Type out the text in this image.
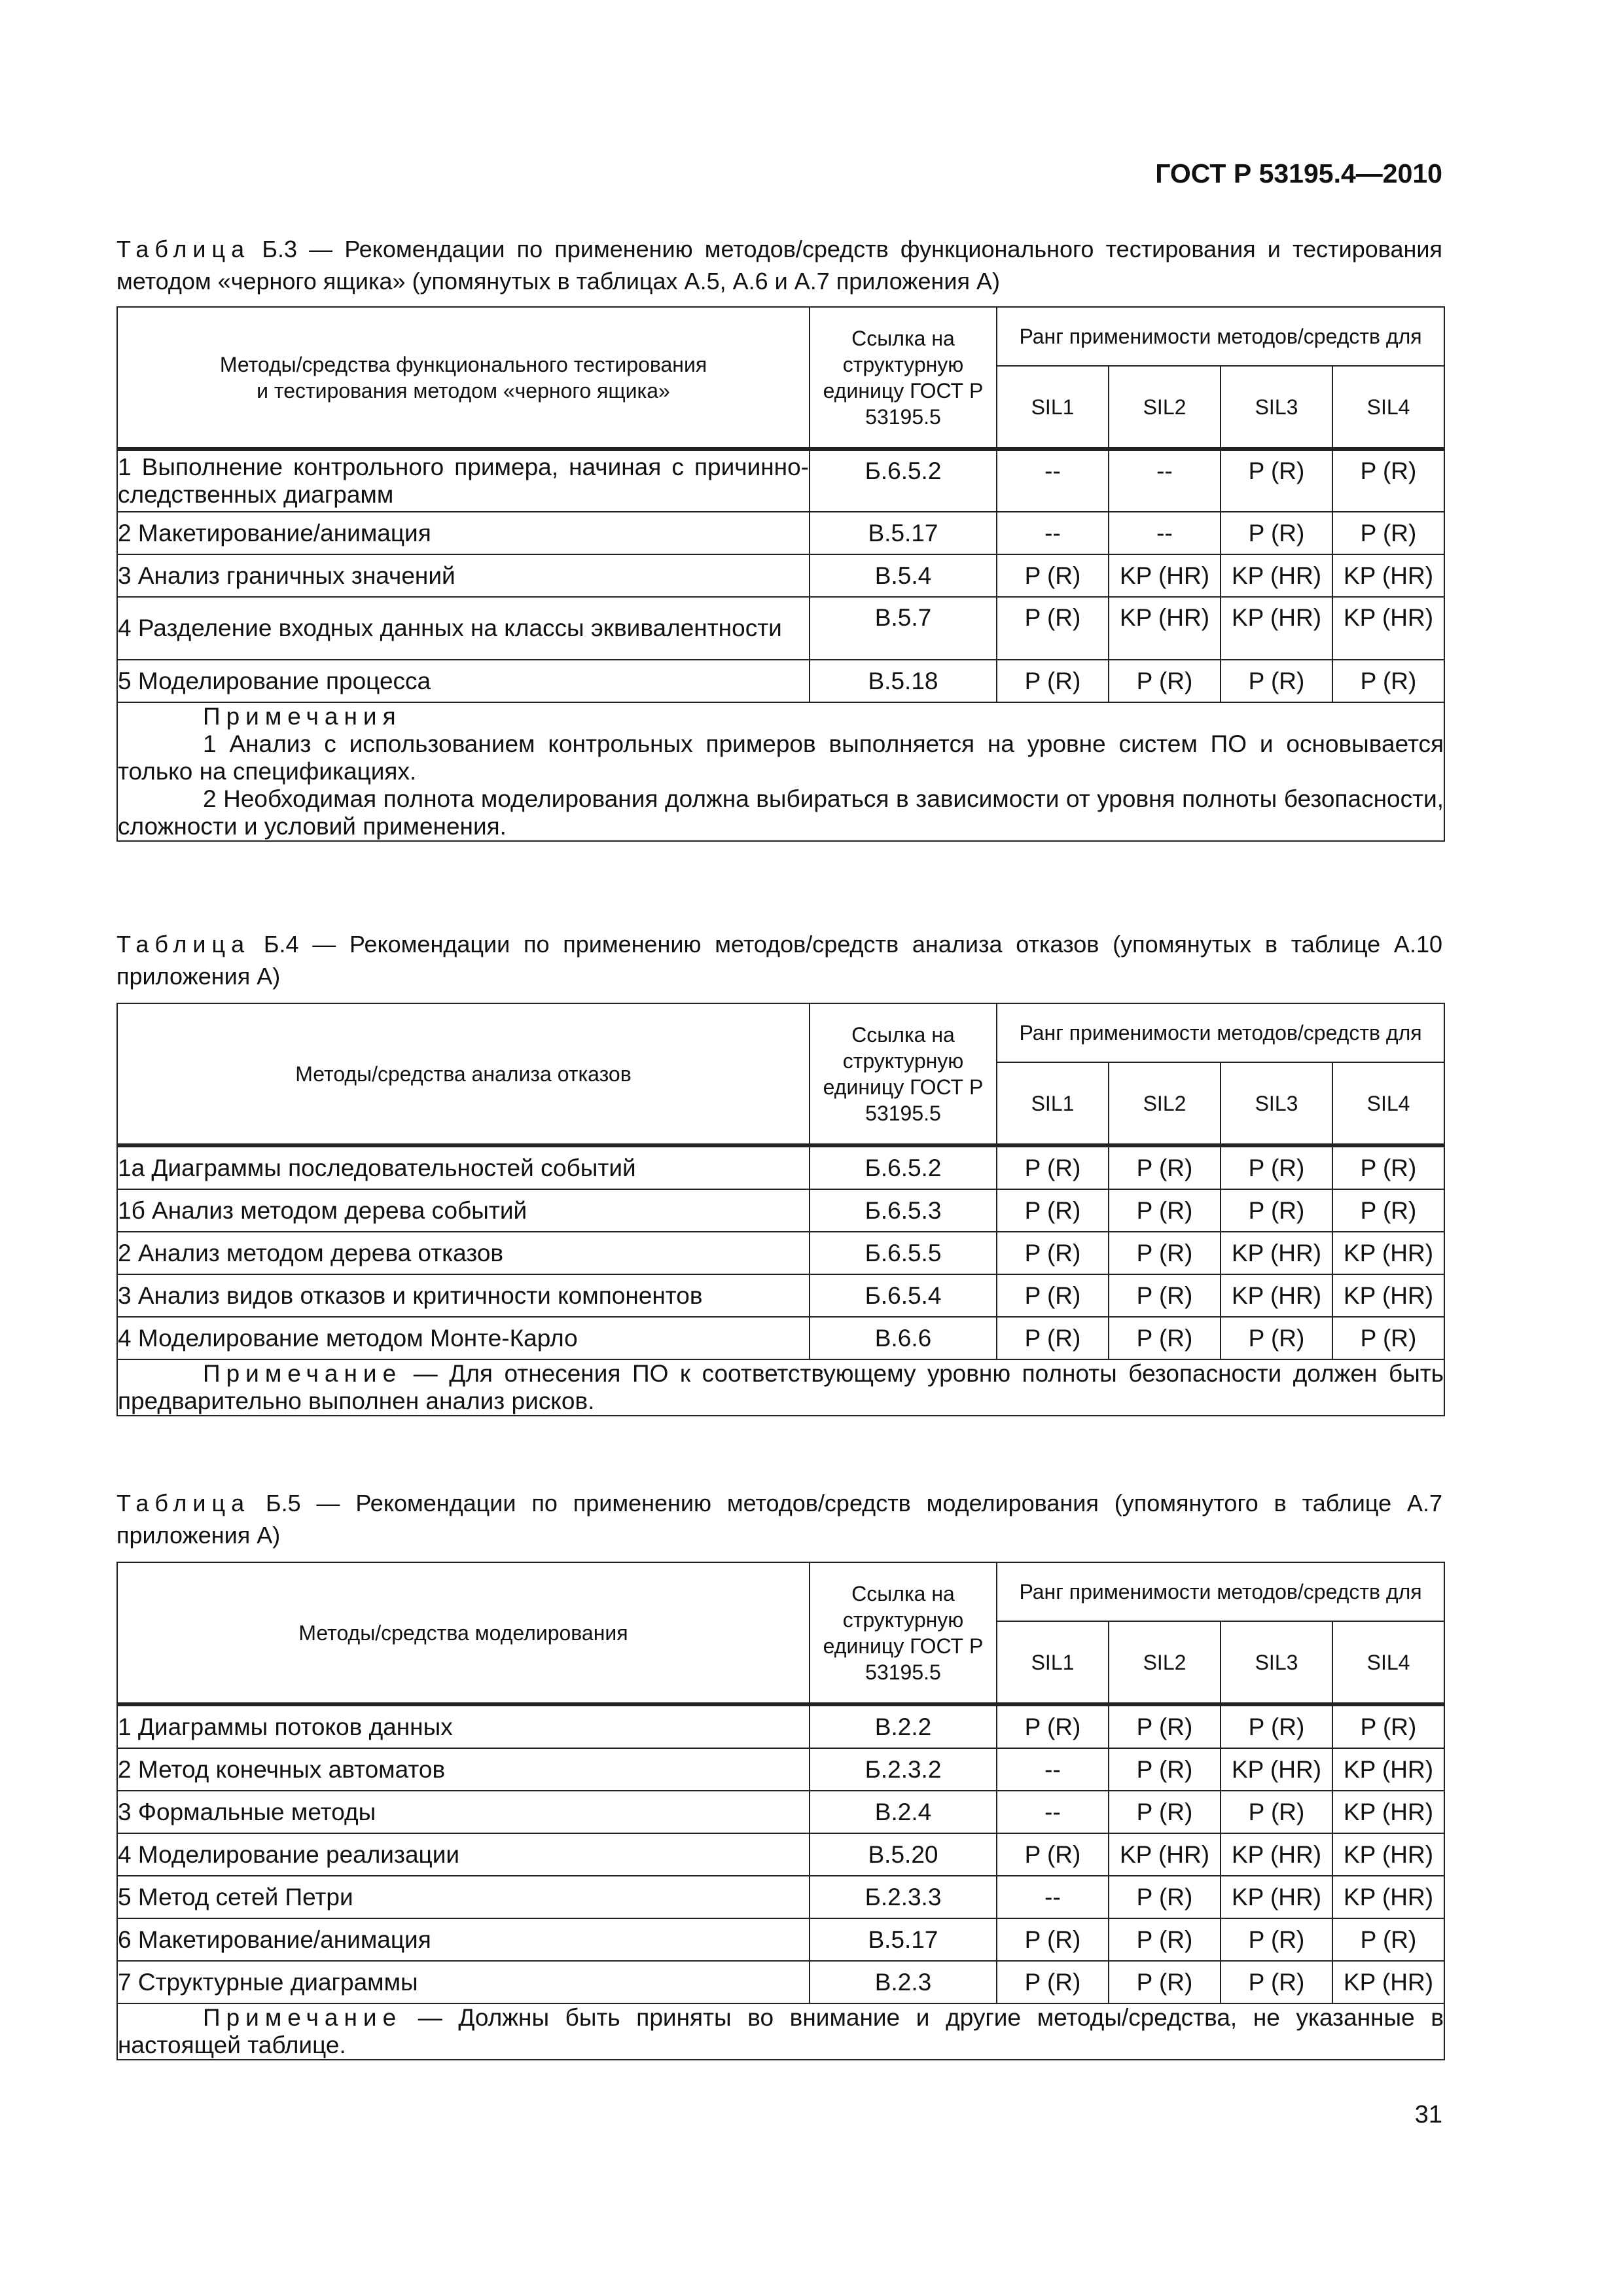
ГОСТ Р 53195.4—2010
Таблица Б.3 — Рекомендации по применению методов/средств функционального тестирования и тестирования методом «черного ящика» (упомянутых в таблицах А.5, А.6 и А.7 приложения А)
Методы/средства функционального тестирования и тестирования методом «черного ящика»	Ссылка на структурную единицу ГОСТ Р 53195.5	Ранг применимости методов/средств для			
		SIL1	SIL2	SIL3	SIL4
1 Выполнение контрольного примера, начиная с причинно-следственных диаграмм	Б.6.5.2	--	--	P (R)	P (R)
2 Макетирование/анимация	В.5.17	--	--	P (R)	P (R)
3 Анализ граничных значений	В.5.4	P (R)	KP (HR)	KP (HR)	KP (HR)
4 Разделение входных данных на классы эквивалентности	В.5.7	P (R)	KP (HR)	KP (HR)	KP (HR)
5 Моделирование процесса	В.5.18	P (R)	P (R)	P (R)	P (R)

Примечания
1 Анализ с использованием контрольных примеров выполняется на уровне систем ПО и основывается только на спецификациях.
2 Необходимая полнота моделирования должна выбираться в зависимости от уровня полноты безопасности, сложности и условий применения.					
Таблица Б.4 — Рекомендации по применению методов/средств анализа отказов (упомянутых в таблице А.10 приложения А)
Методы/средства анализа отказов	Ссылка на структурную единицу ГОСТ Р 53195.5	Ранг применимости методов/средств для			
		SIL1	SIL2	SIL3	SIL4
1а Диаграммы последовательностей событий	Б.6.5.2	P (R)	P (R)	P (R)	P (R)
1б Анализ методом дерева событий	Б.6.5.3	P (R)	P (R)	P (R)	P (R)
2 Анализ методом дерева отказов	Б.6.5.5	P (R)	P (R)	KP (HR)	KP (HR)
3 Анализ видов отказов и критичности компонентов	Б.6.5.4	P (R)	P (R)	KP (HR)	KP (HR)
4 Моделирование методом Монте-Карло	В.6.6	P (R)	P (R)	P (R)	P (R)

Примечание — Для отнесения ПО к соответствующему уровню полноты безопасности должен быть предварительно выполнен анализ рисков.					
Таблица Б.5 — Рекомендации по применению методов/средств моделирования (упомянутого в таблице А.7 приложения А)
Методы/средства моделирования	Ссылка на структурную единицу ГОСТ Р 53195.5	Ранг применимости методов/средств для			
		SIL1	SIL2	SIL3	SIL4
1 Диаграммы потоков данных	В.2.2	P (R)	P (R)	P (R)	P (R)
2 Метод конечных автоматов	Б.2.3.2	--	P (R)	KP (HR)	KP (HR)
3 Формальные методы	В.2.4	--	P (R)	P (R)	KP (HR)
4 Моделирование реализации	В.5.20	P (R)	KP (HR)	KP (HR)	KP (HR)
5 Метод сетей Петри	Б.2.3.3	--	P (R)	KP (HR)	KP (HR)
6 Макетирование/анимация	В.5.17	P (R)	P (R)	P (R)	P (R)
7 Структурные диаграммы	В.2.3	P (R)	P (R)	P (R)	KP (HR)

Примечание — Должны быть приняты во внимание и другие методы/средства, не указанные в настоящей таблице.					
31
